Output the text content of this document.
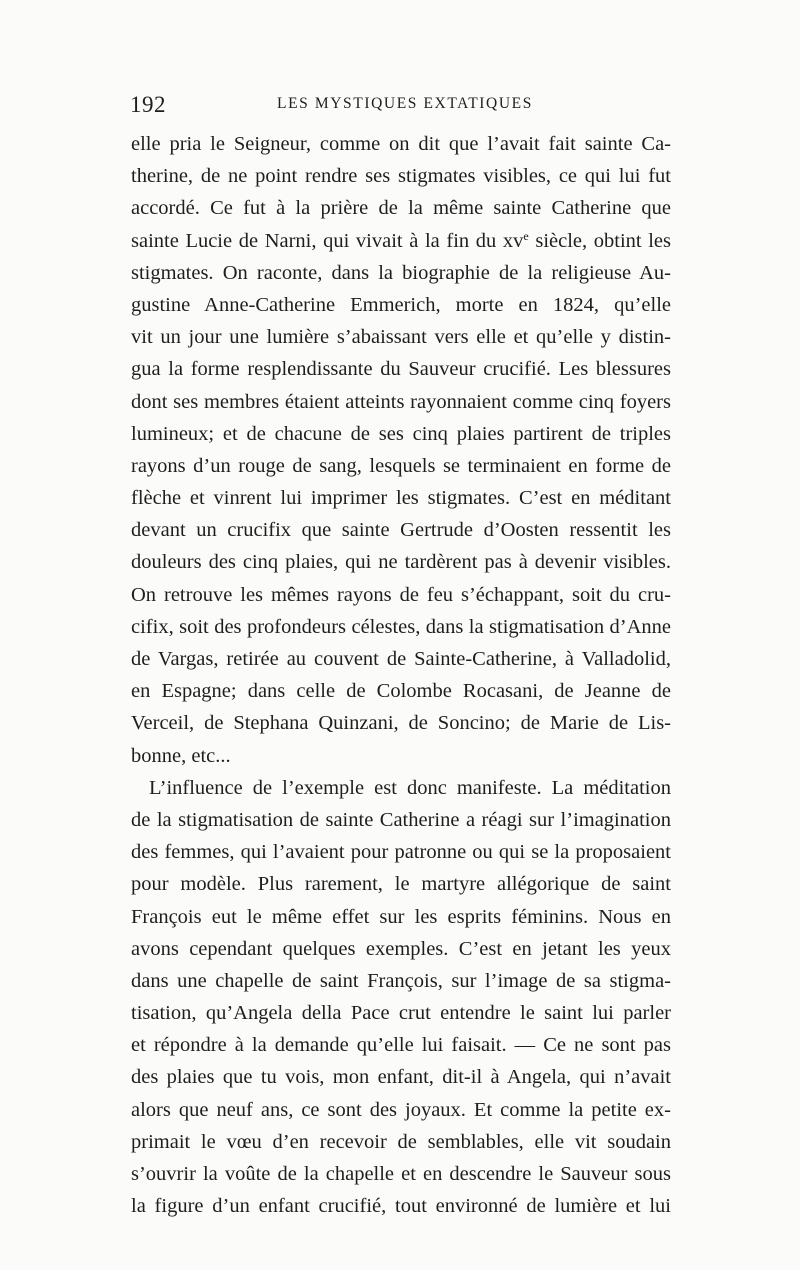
192	LES MYSTIQUES EXTATIQUES
elle pria le Seigneur, comme on dit que l’avait fait sainte Ca-
therine, de ne point rendre ses stigmates visibles, ce qui lui fut
accordé. Ce fut à la prière de la même sainte Catherine que
sainte Lucie de Narni, qui vivait à la fin du $xv^e$ siècle, obtint les
stigmates. On raconte, dans la biographie de la religieuse Au-
gustine Anne-Catherine Emmerich, morte en 1824, qu’elle
vit un jour une lumière s’abaissant vers elle et qu’elle y distin-
gua la forme resplendissante du Sauveur crucifié. Les blessures
dont ses membres étaient atteints rayonnaient comme cinq foyers
lumineux; et de chacune de ses cinq plaies partirent de triples
rayons d’un rouge de sang, lesquels se terminaient en forme de
flèche et vinrent lui imprimer les stigmates. C’est en méditant
devant un crucifix que sainte Gertrude d’Oosten ressentit les
douleurs des cinq plaies, qui ne tardèrent pas à devenir visibles.
On retrouve les mêmes rayons de feu s’échappant, soit du cru-
cifix, soit des profondeurs célestes, dans la stigmatisation d’Anne
de Vargas, retirée au couvent de Sainte-Catherine, à Valladolid,
en Espagne; dans celle de Colombe Rocasani, de Jeanne de
Verceil, de Stephana Quinzani, de Soncino; de Marie de Lis-
bonne, etc...
L’influence de l’exemple est donc manifeste. La méditation
de la stigmatisation de sainte Catherine a réagi sur l’imagination
des femmes, qui l’avaient pour patronne ou qui se la proposaient
pour modèle. Plus rarement, le martyre allégorique de saint
François eut le même effet sur les esprits féminins. Nous en
avons cependant quelques exemples. C’est en jetant les yeux
dans une chapelle de saint François, sur l’image de sa stigma-
tisation, qu’Angela della Pace crut entendre le saint lui parler
et répondre à la demande qu’elle lui faisait. — Ce ne sont pas
des plaies que tu vois, mon enfant, dit-il à Angela, qui n’avait
alors que neuf ans, ce sont des joyaux. Et comme la petite ex-
primait le vœu d’en recevoir de semblables, elle vit soudain
s’ouvrir la voûte de la chapelle et en descendre le Sauveur sous
la figure d’un enfant crucifié, tout environné de lumière et lui
